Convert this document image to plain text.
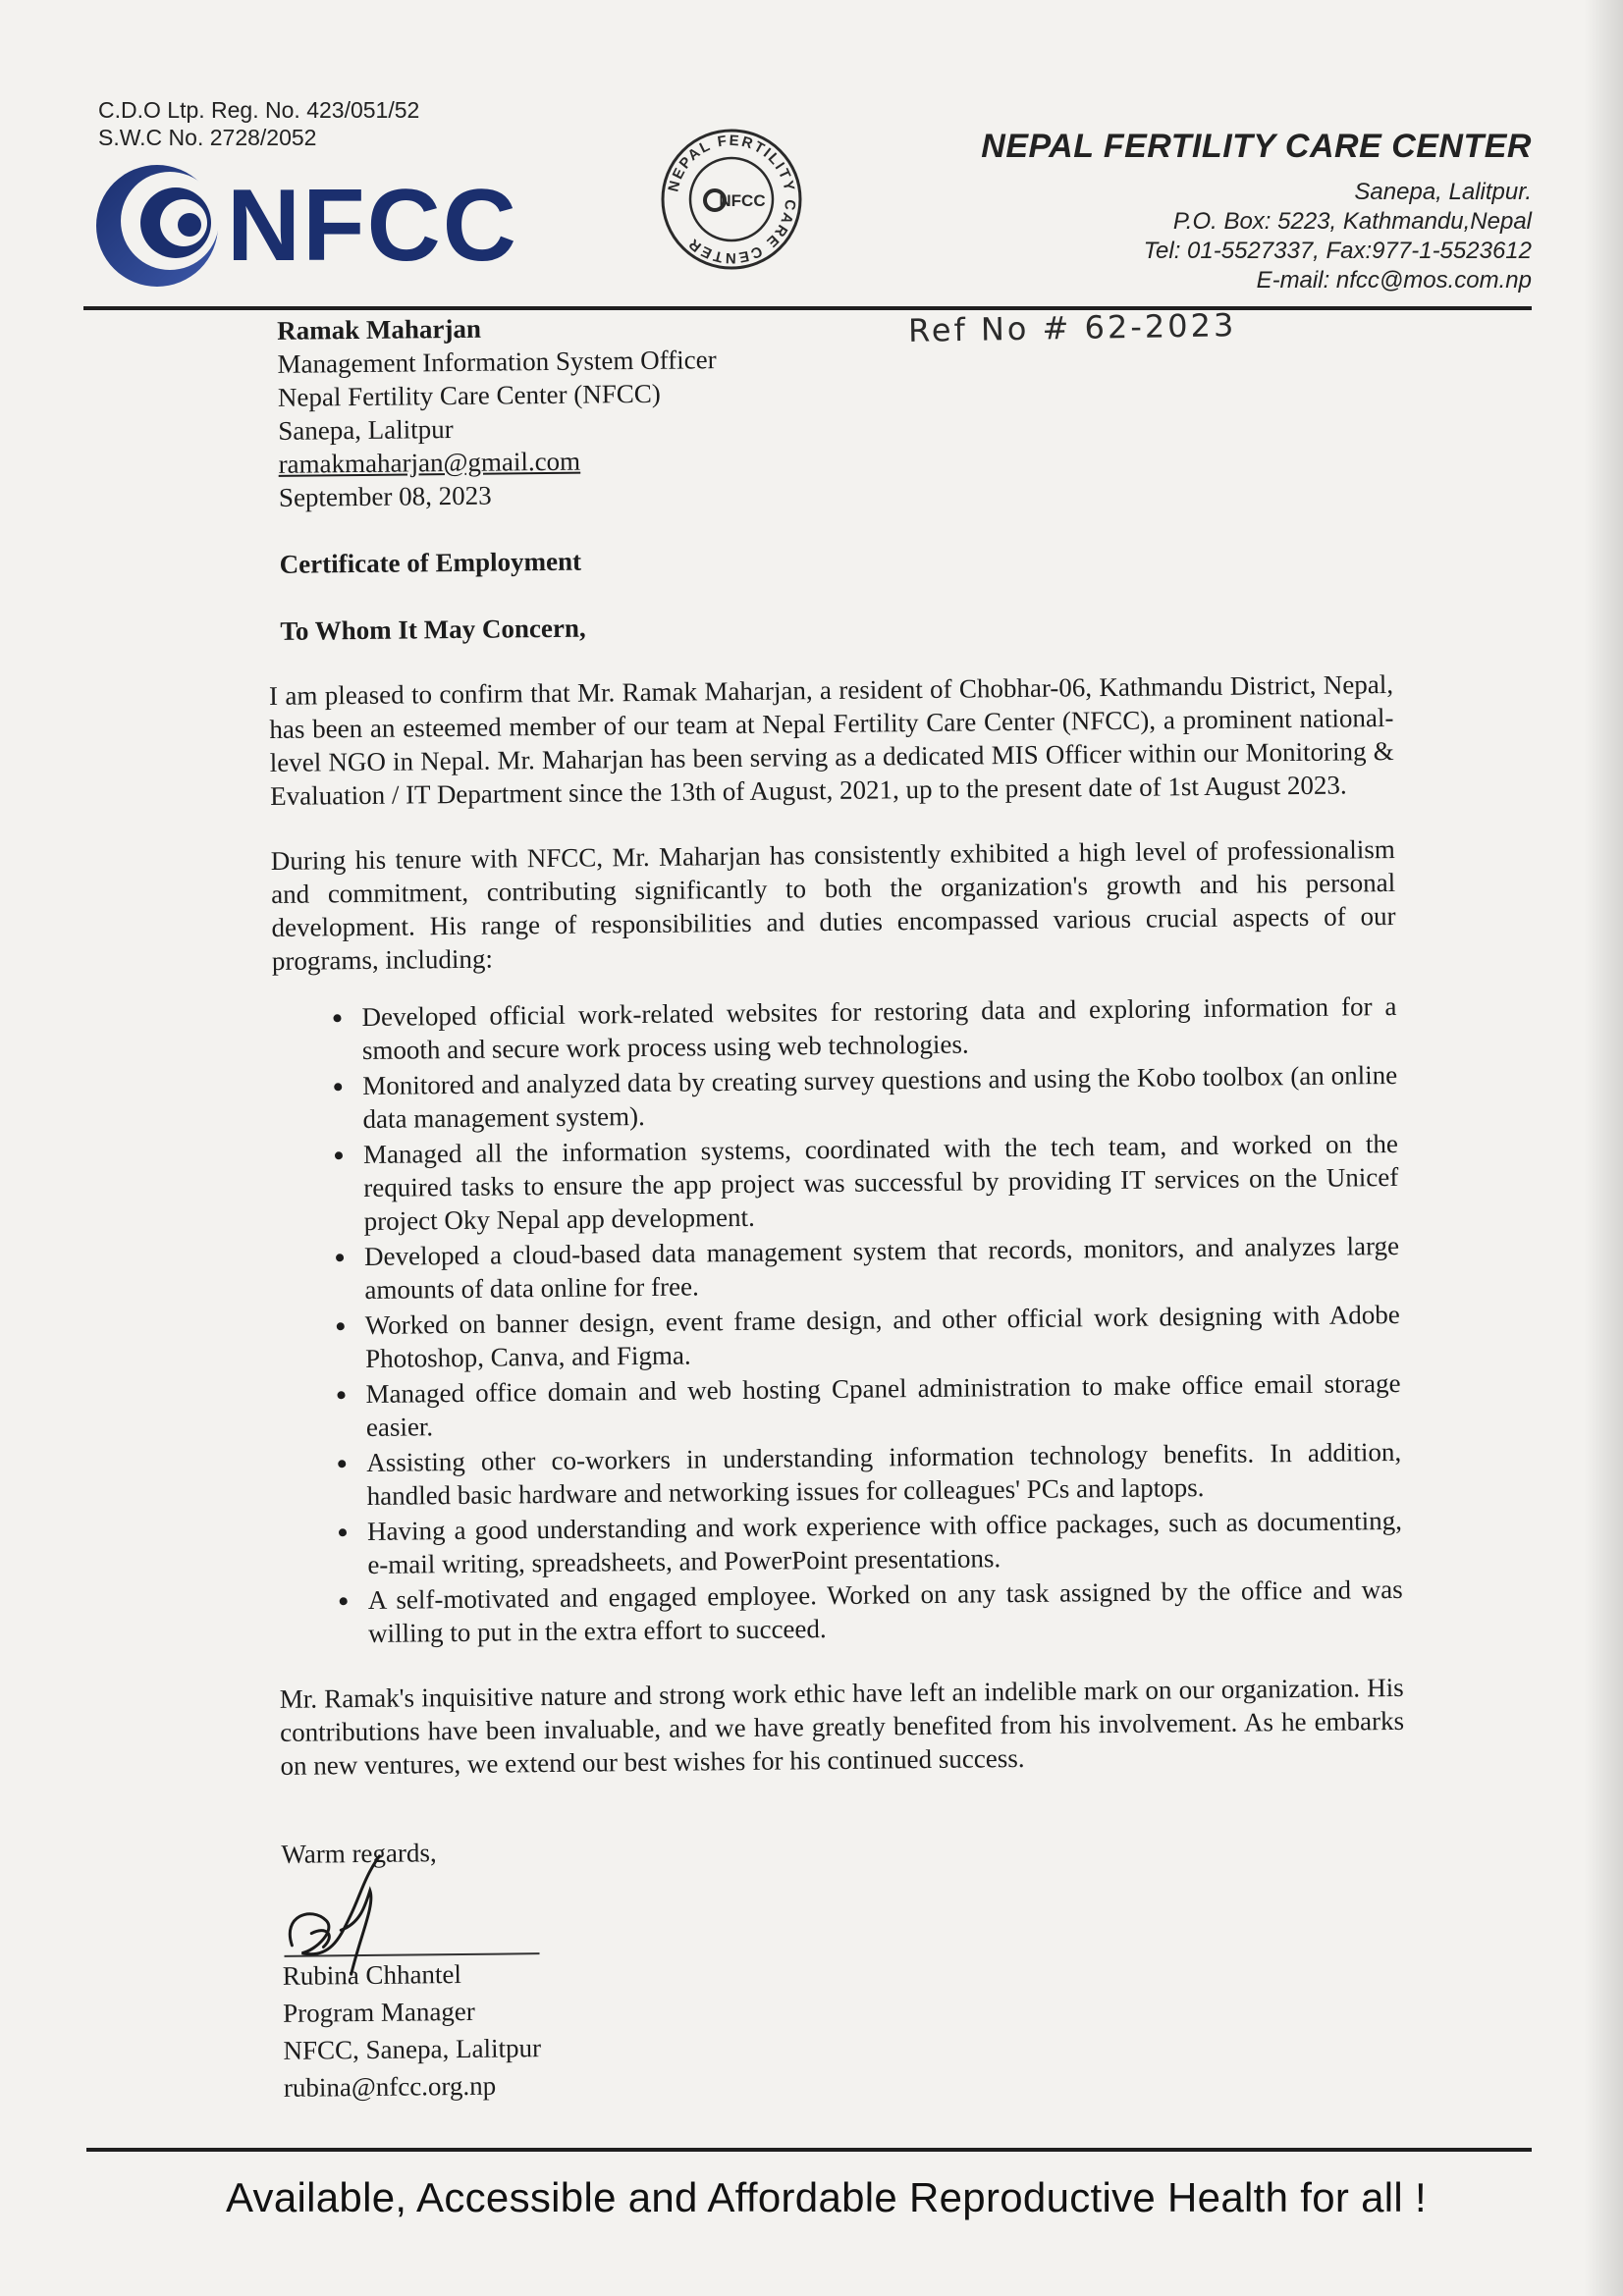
C.D.O Ltp. Reg. No. 423/051/52
S.W.C No. 2728/2052
NFCC	NEPAL FERTILITY CARE CENTER
NFCC
NEPAL FERTILITY CARE CENTER
Sanepa, Lalitpur.
P.O. Box: 5223, Kathmandu,Nepal
Tel: 01-5527337, Fax:977-1-5523612
E-mail: nfcc@mos.com.np
Ref No # 62-2023
Ramak Maharjan
Management Information System Officer
Nepal Fertility Care Center (NFCC)
Sanepa, Lalitpur
ramakmaharjan@gmail.com
September 08, 2023
Certificate of Employment
To Whom It May Concern,
I am pleased to confirm that Mr. Ramak Maharjan, a resident of Chobhar-06, Kathmandu District, Nepal, has been an esteemed member of our team at Nepal Fertility Care Center (NFCC), a prominent national-level NGO in Nepal. Mr. Maharjan has been serving as a dedicated MIS Officer within our Monitoring & Evaluation / IT Department since the 13th of August, 2021, up to the present date of 1st August 2023.
During his tenure with NFCC, Mr. Maharjan has consistently exhibited a high level of professionalism and commitment, contributing significantly to both the organization's growth and his personal development. His range of responsibilities and duties encompassed various crucial aspects of our programs, including:
• Developed official work-related websites for restoring data and exploring information for a smooth and secure work process using web technologies.
• Monitored and analyzed data by creating survey questions and using the Kobo toolbox (an online data management system).
• Managed all the information systems, coordinated with the tech team, and worked on the required tasks to ensure the app project was successful by providing IT services on the Unicef project Oky Nepal app development.
• Developed a cloud-based data management system that records, monitors, and analyzes large amounts of data online for free.
• Worked on banner design, event frame design, and other official work designing with Adobe Photoshop, Canva, and Figma.
• Managed office domain and web hosting Cpanel administration to make office email storage easier.
• Assisting other co-workers in understanding information technology benefits. In addition, handled basic hardware and networking issues for colleagues' PCs and laptops.
• Having a good understanding and work experience with office packages, such as documenting, e-mail writing, spreadsheets, and PowerPoint presentations.
• A self-motivated and engaged employee. Worked on any task assigned by the office and was willing to put in the extra effort to succeed.
Mr. Ramak's inquisitive nature and strong work ethic have left an indelible mark on our organization. His contributions have been invaluable, and we have greatly benefited from his involvement. As he embarks on new ventures, we extend our best wishes for his continued success.
Warm regards,
Rubina Chhantel
Program Manager
NFCC, Sanepa, Lalitpur
rubina@nfcc.org.np
Available, Accessible and Affordable Reproductive Health for all !
